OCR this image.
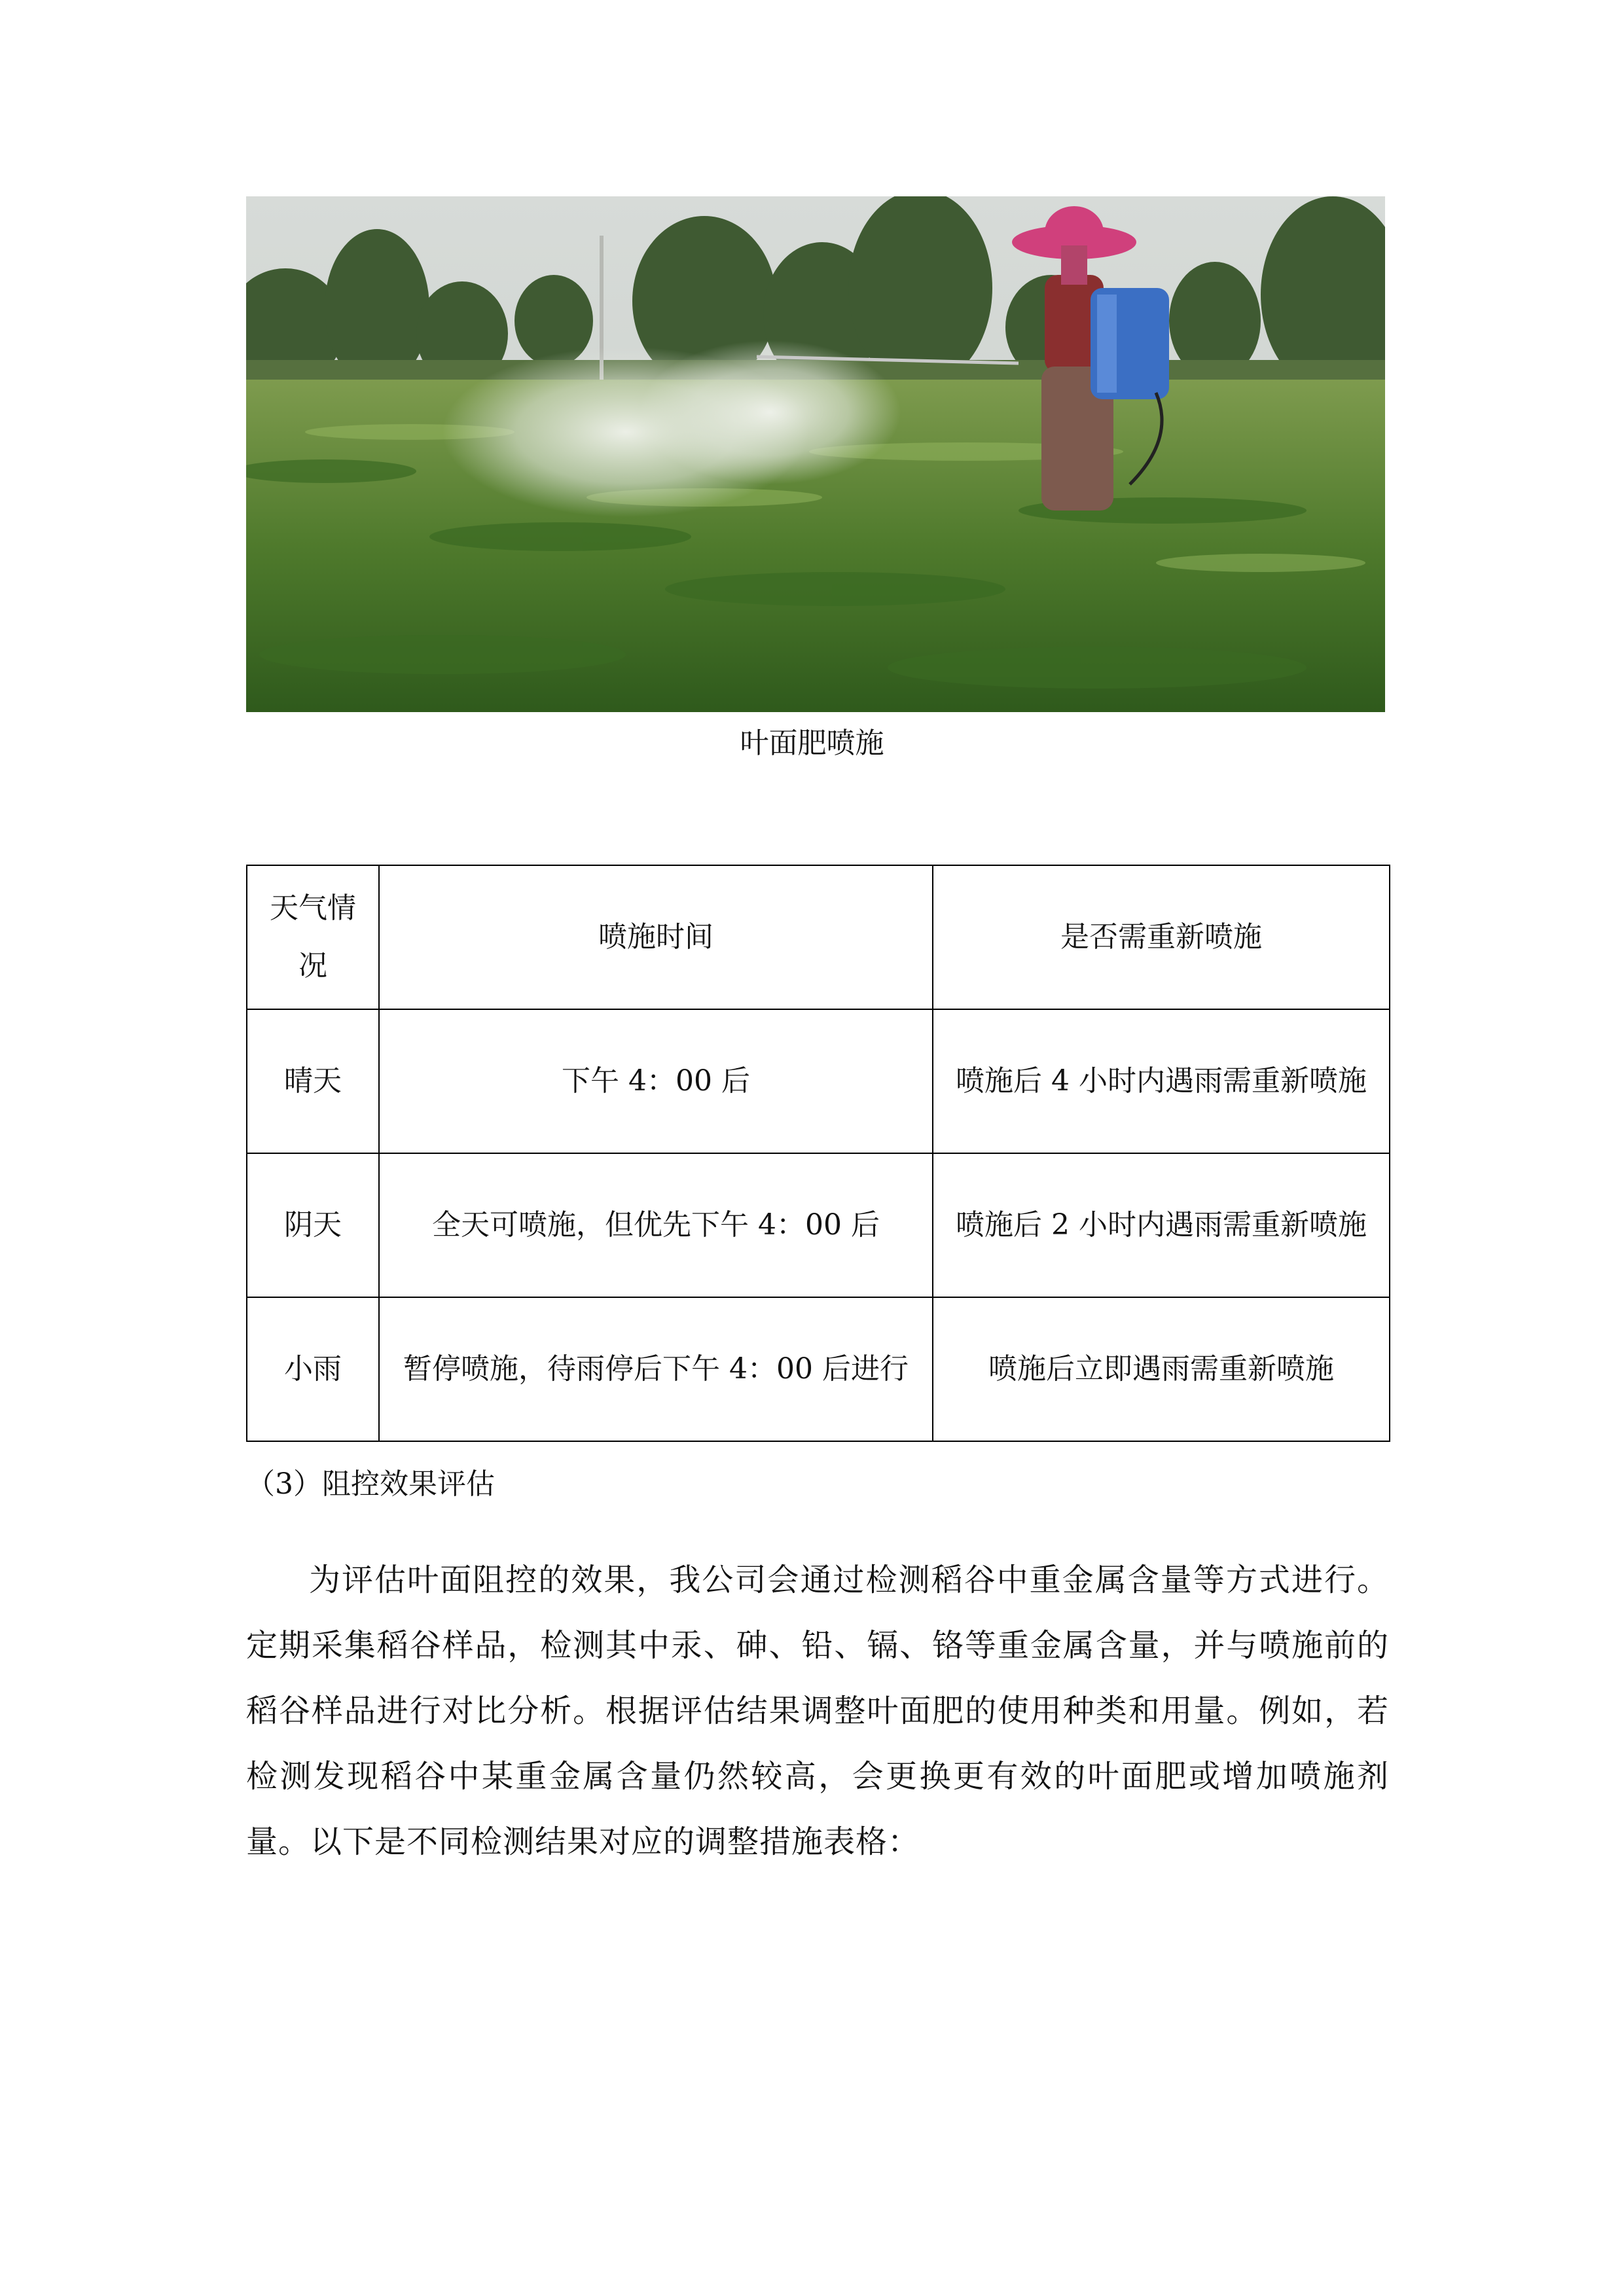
叶面肥喷施
天气情况	喷施时间	是否需重新喷施
晴天	下午 4：00 后	喷施后 4 小时内遇雨需重新喷施
阴天	全天可喷施，但优先下午 4：00 后	喷施后 2 小时内遇雨需重新喷施
小雨	暂停喷施，待雨停后下午 4：00 后进行	喷施后立即遇雨需重新喷施
（3）阻控效果评估

为评估叶面阻控的效果，我公司会通过检测稻谷中重金属含量等方式进行。定期采集稻谷样品，检测其中汞、砷、铅、镉、铬等重金属含量，并与喷施前的稻谷样品进行对比分析。根据评估结果调整叶面肥的使用种类和用量。例如，若检测发现稻谷中某重金属含量仍然较高，会更换更有效的叶面肥或增加喷施剂量。以下是不同检测结果对应的调整措施表格：
